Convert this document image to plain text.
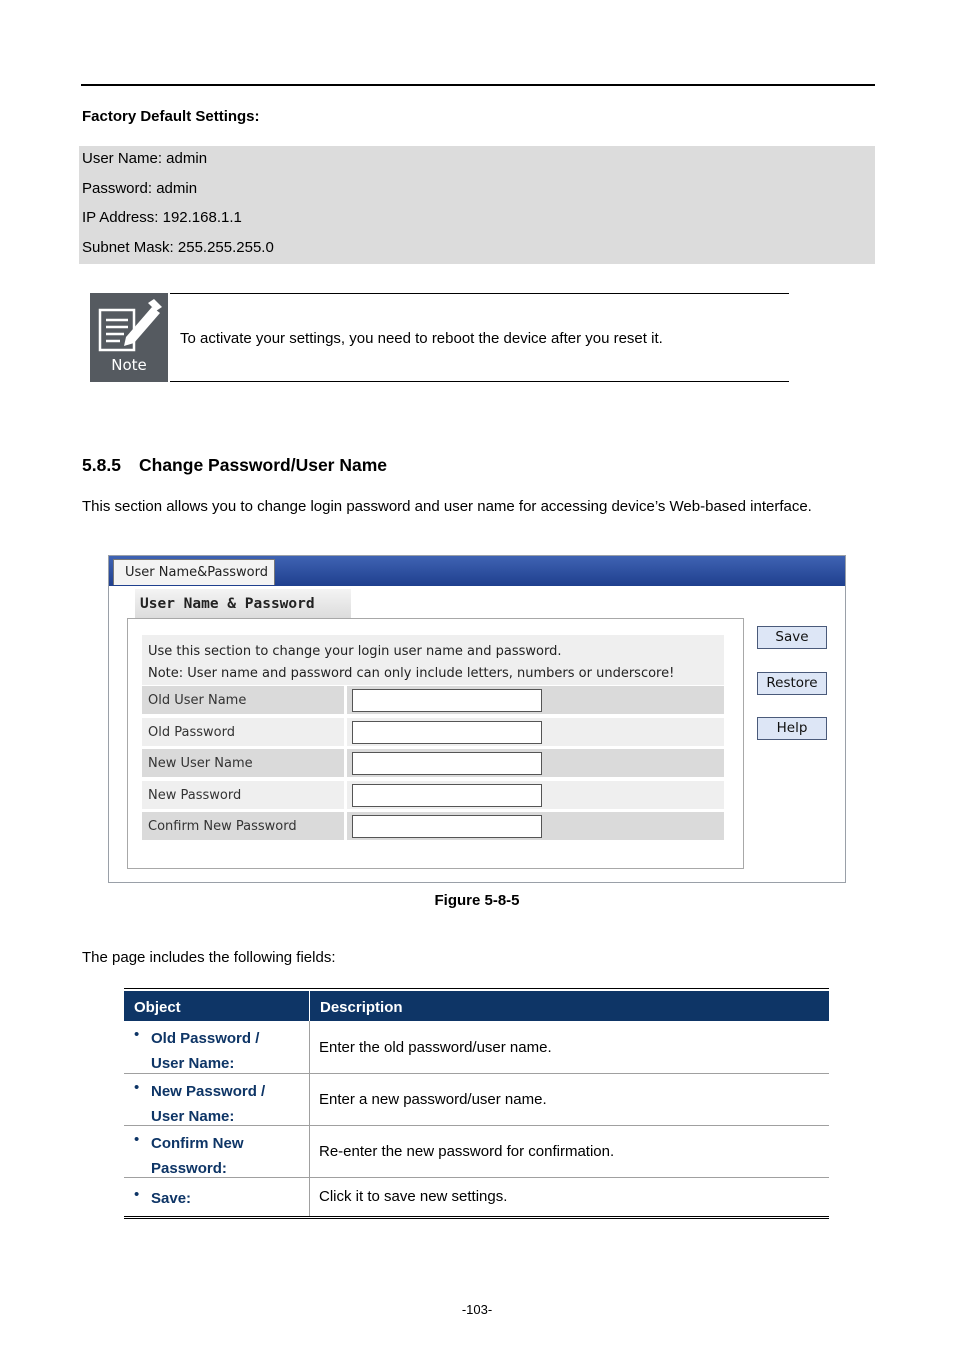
Factory Default Settings:
User Name: admin
Password: admin
IP Address: 192.168.1.1
Subnet Mask: 255.255.255.0
Note
To activate your settings, you need to reboot the device after you reset it.
5.8.5 Change Password/User Name
This section allows you to change login password and user name for accessing device’s Web-based interface.
User Name&Password
User Name & Password
Use this section to change your login user name and password.
Note: User name and password can only include letters, numbers or underscore!
Old User Name
Old Password
New User Name
New Password
Confirm New Password
Save
Restore
Help
Figure 5-8-5
The page includes the following fields:
Object	Description
• Old Password /
User Name:
Enter the old password/user name.
• New Password /
User Name:
Enter a new password/user name.
• Confirm New
Password:
Re-enter the new password for confirmation.
• Save:	Click it to save new settings.
-103-
